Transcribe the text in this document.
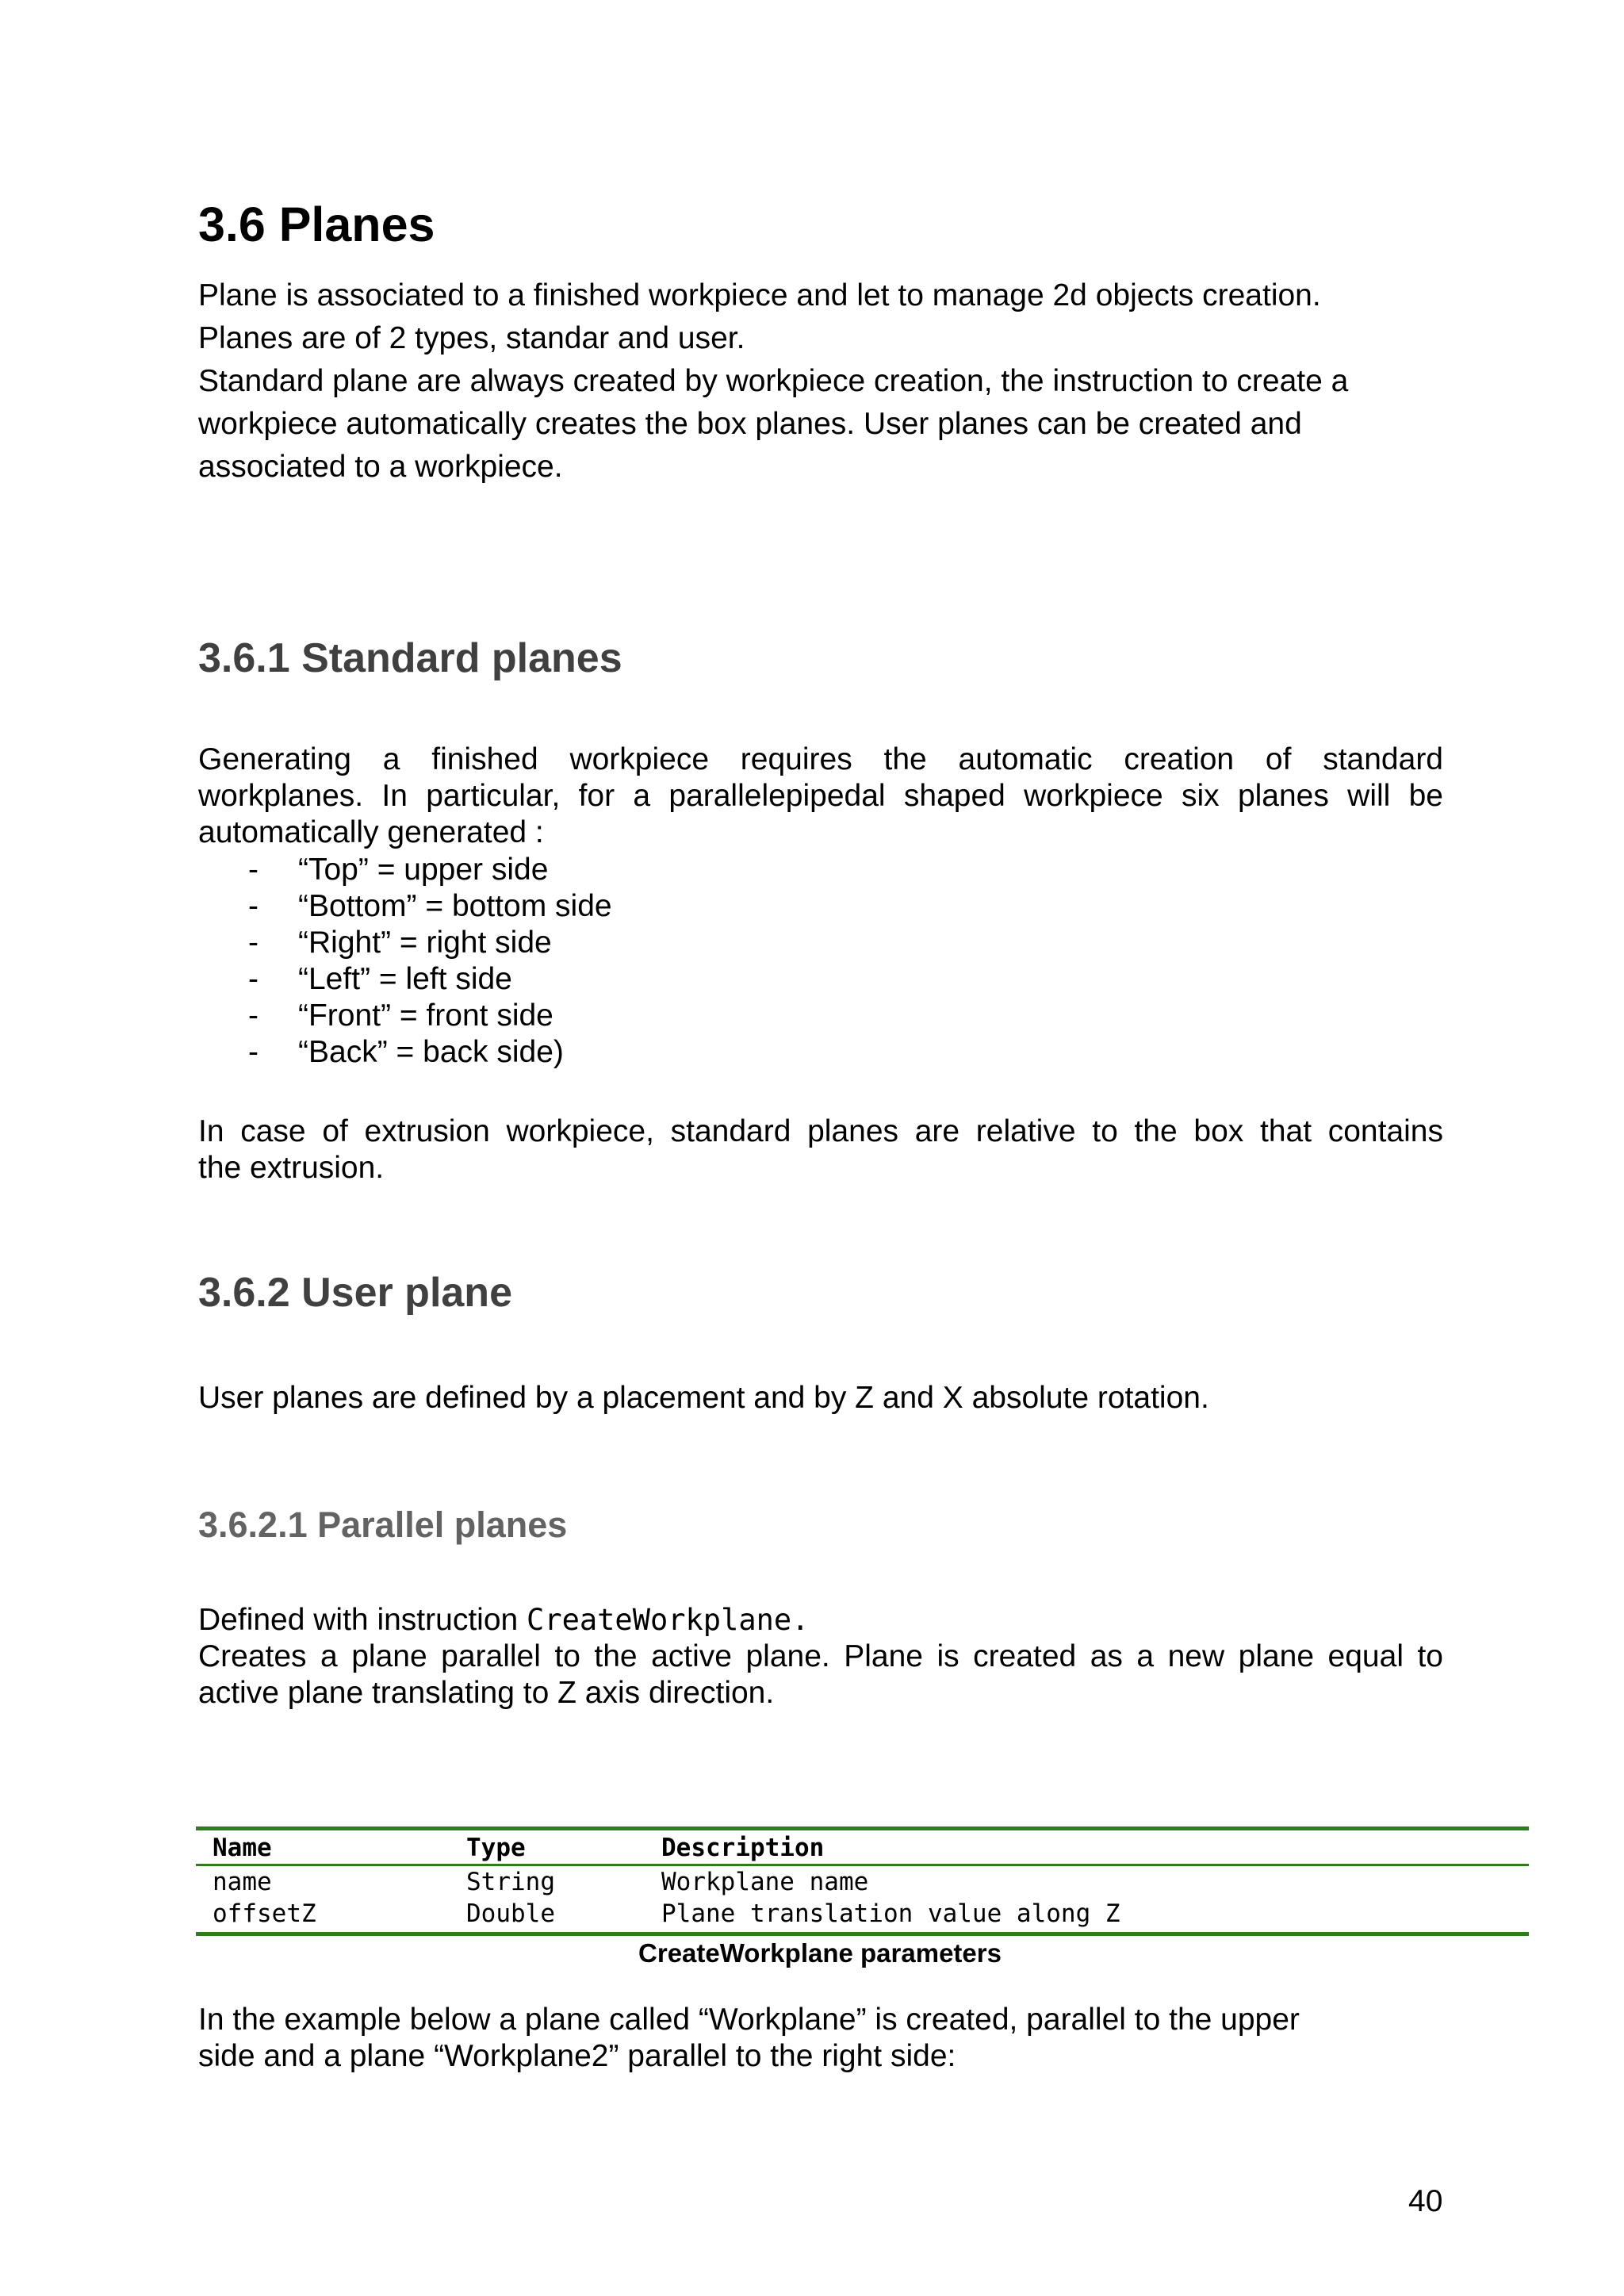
3.6 Planes
Plane is associated to a finished workpiece and let to manage 2d objects creation.
Planes are of 2 types, standar and user.
Standard plane are always created by workpiece creation, the instruction to create a
workpiece automatically creates the box planes. User planes can be created and
associated to a workpiece.
3.6.1 Standard planes
Generating a finished workpiece requires the automatic creation of standard
workplanes. In particular, for a parallelepipedal shaped workpiece six planes will be
automatically generated :
- “Top” = upper side
- “Bottom” = bottom side
- “Right” = right side
- “Left” = left side
- “Front” = front side
- “Back” = back side)
In case of extrusion workpiece, standard planes are relative to the box that contains
the extrusion.
3.6.2 User plane
User planes are defined by a placement and by Z and X absolute rotation.
3.6.2.1 Parallel planes
Defined with instruction CreateWorkplane.
Creates a plane parallel to the active plane. Plane is created as a new plane equal to
active plane translating to Z axis direction.
Name	Type	Description
name	String	Workplane name
offsetZ	Double	Plane translation value along Z
CreateWorkplane parameters
In the example below a plane called “Workplane” is created, parallel to the upper
side and a plane “Workplane2” parallel to the right side:
40
